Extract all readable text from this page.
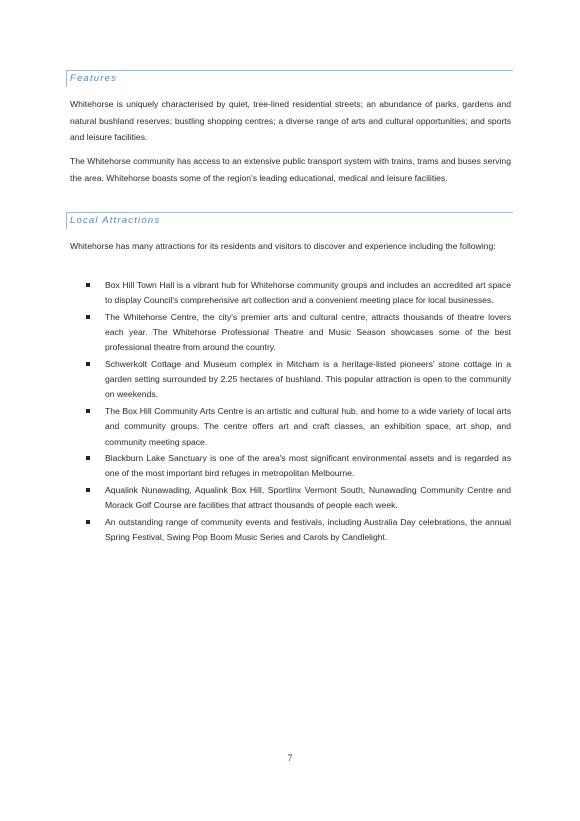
Features

Whitehorse is uniquely characterised by quiet, tree-lined residential streets; an abundance of parks, gardens and natural bushland reserves; bustling shopping centres; a diverse range of arts and cultural opportunities; and sports and leisure facilities.

The Whitehorse community has access to an extensive public transport system with trains, trams and buses serving the area. Whitehorse boasts some of the region's leading educational, medical and leisure facilities.

Local Attractions

Whitehorse has many attractions for its residents and visitors to discover and experience including the following:

Box Hill Town Hall is a vibrant hub for Whitehorse community groups and includes an accredited art space to display Council's comprehensive art collection and a convenient meeting place for local businesses.
The Whitehorse Centre, the city's premier arts and cultural centre, attracts thousands of theatre lovers each year. The Whitehorse Professional Theatre and Music Season showcases some of the best professional theatre from around the country.
Schwerkolt Cottage and Museum complex in Mitcham is a heritage-listed pioneers' stone cottage in a garden setting surrounded by 2.25 hectares of bushland. This popular attraction is open to the community on weekends.
The Box Hill Community Arts Centre is an artistic and cultural hub, and home to a wide variety of local arts and community groups. The centre offers art and craft classes, an exhibition space, art shop, and community meeting space.
Blackburn Lake Sanctuary is one of the area's most significant environmental assets and is regarded as one of the most important bird refuges in metropolitan Melbourne.
Aqualink Nunawading, Aqualink Box Hill, Sportlinx Vermont South, Nunawading Community Centre and Morack Golf Course are facilities that attract thousands of people each week.
An outstanding range of community events and festivals, including Australia Day celebrations, the annual Spring Festival, Swing Pop Boom Music Series and Carols by Candlelight.
7
